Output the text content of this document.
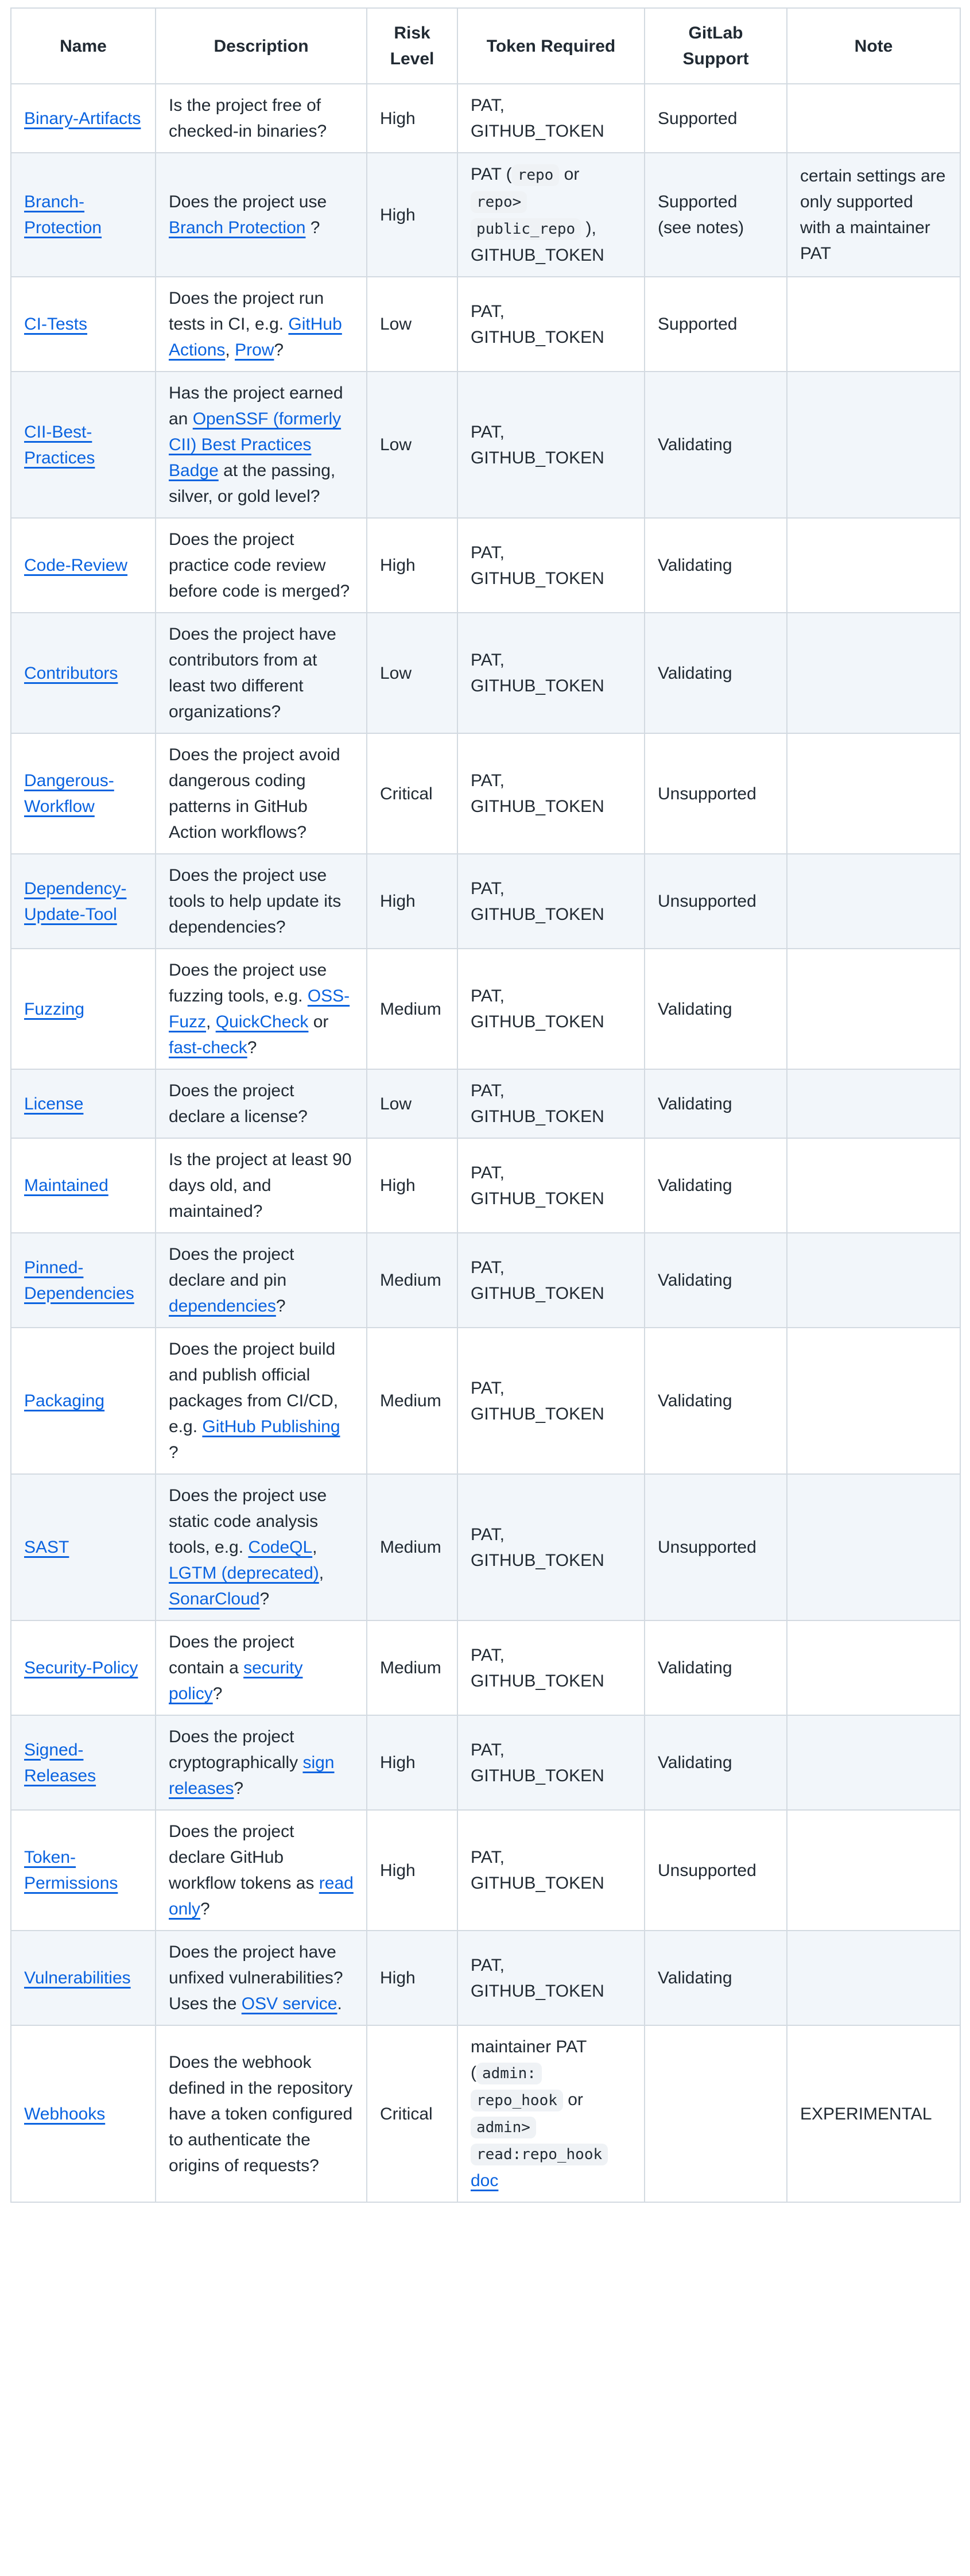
Name	Description	Risk Level	Token Required	GitLab Support	Note
Binary-Artifacts	Is the project free of checked-in binaries?	High	PAT, GITHUB_TOKEN	Supported	
Branch-Protection	Does the project use Branch Protection ?	High	PAT ( repo or repo> public_repo ), GITHUB_TOKEN	Supported (see notes)	certain settings are only supported with a maintainer PAT
CI-Tests	Does the project run tests in CI, e.g. GitHub Actions, Prow?	Low	PAT, GITHUB_TOKEN	Supported	
CII-Best-Practices	Has the project earned an OpenSSF (formerly CII) Best Practices Badge at the passing, silver, or gold level?	Low	PAT, GITHUB_TOKEN	Validating	
Code-Review	Does the project practice code review before code is merged?	High	PAT, GITHUB_TOKEN	Validating	
Contributors	Does the project have contributors from at least two different organizations?	Low	PAT, GITHUB_TOKEN	Validating	
Dangerous-Workflow	Does the project avoid dangerous coding patterns in GitHub Action workflows?	Critical	PAT, GITHUB_TOKEN	Unsupported	
Dependency-Update-Tool	Does the project use tools to help update its dependencies?	High	PAT, GITHUB_TOKEN	Unsupported	
Fuzzing	Does the project use fuzzing tools, e.g. OSS-Fuzz, QuickCheck or fast-check?	Medium	PAT, GITHUB_TOKEN	Validating	
License	Does the project declare a license?	Low	PAT, GITHUB_TOKEN	Validating	
Maintained	Is the project at least 90 days old, and maintained?	High	PAT, GITHUB_TOKEN	Validating	
Pinned-Dependencies	Does the project declare and pin dependencies?	Medium	PAT, GITHUB_TOKEN	Validating	
Packaging	Does the project build and publish official packages from CI/CD, e.g. GitHub Publishing ?	Medium	PAT, GITHUB_TOKEN	Validating	
SAST	Does the project use static code analysis tools, e.g. CodeQL, LGTM (deprecated), SonarCloud?	Medium	PAT, GITHUB_TOKEN	Unsupported	
Security-Policy	Does the project contain a security policy?	Medium	PAT, GITHUB_TOKEN	Validating	
Signed-Releases	Does the project cryptographically sign releases?	High	PAT, GITHUB_TOKEN	Validating	
Token-Permissions	Does the project declare GitHub workflow tokens as read only?	High	PAT, GITHUB_TOKEN	Unsupported	
Vulnerabilities	Does the project have unfixed vulnerabilities? Uses the OSV service.	High	PAT, GITHUB_TOKEN	Validating	
Webhooks	Does the webhook defined in the repository have a token configured to authenticate the origins of requests?	Critical	maintainer PAT ( admin: repo_hook or admin> read:repo_hook doc		EXPERIMENTAL
